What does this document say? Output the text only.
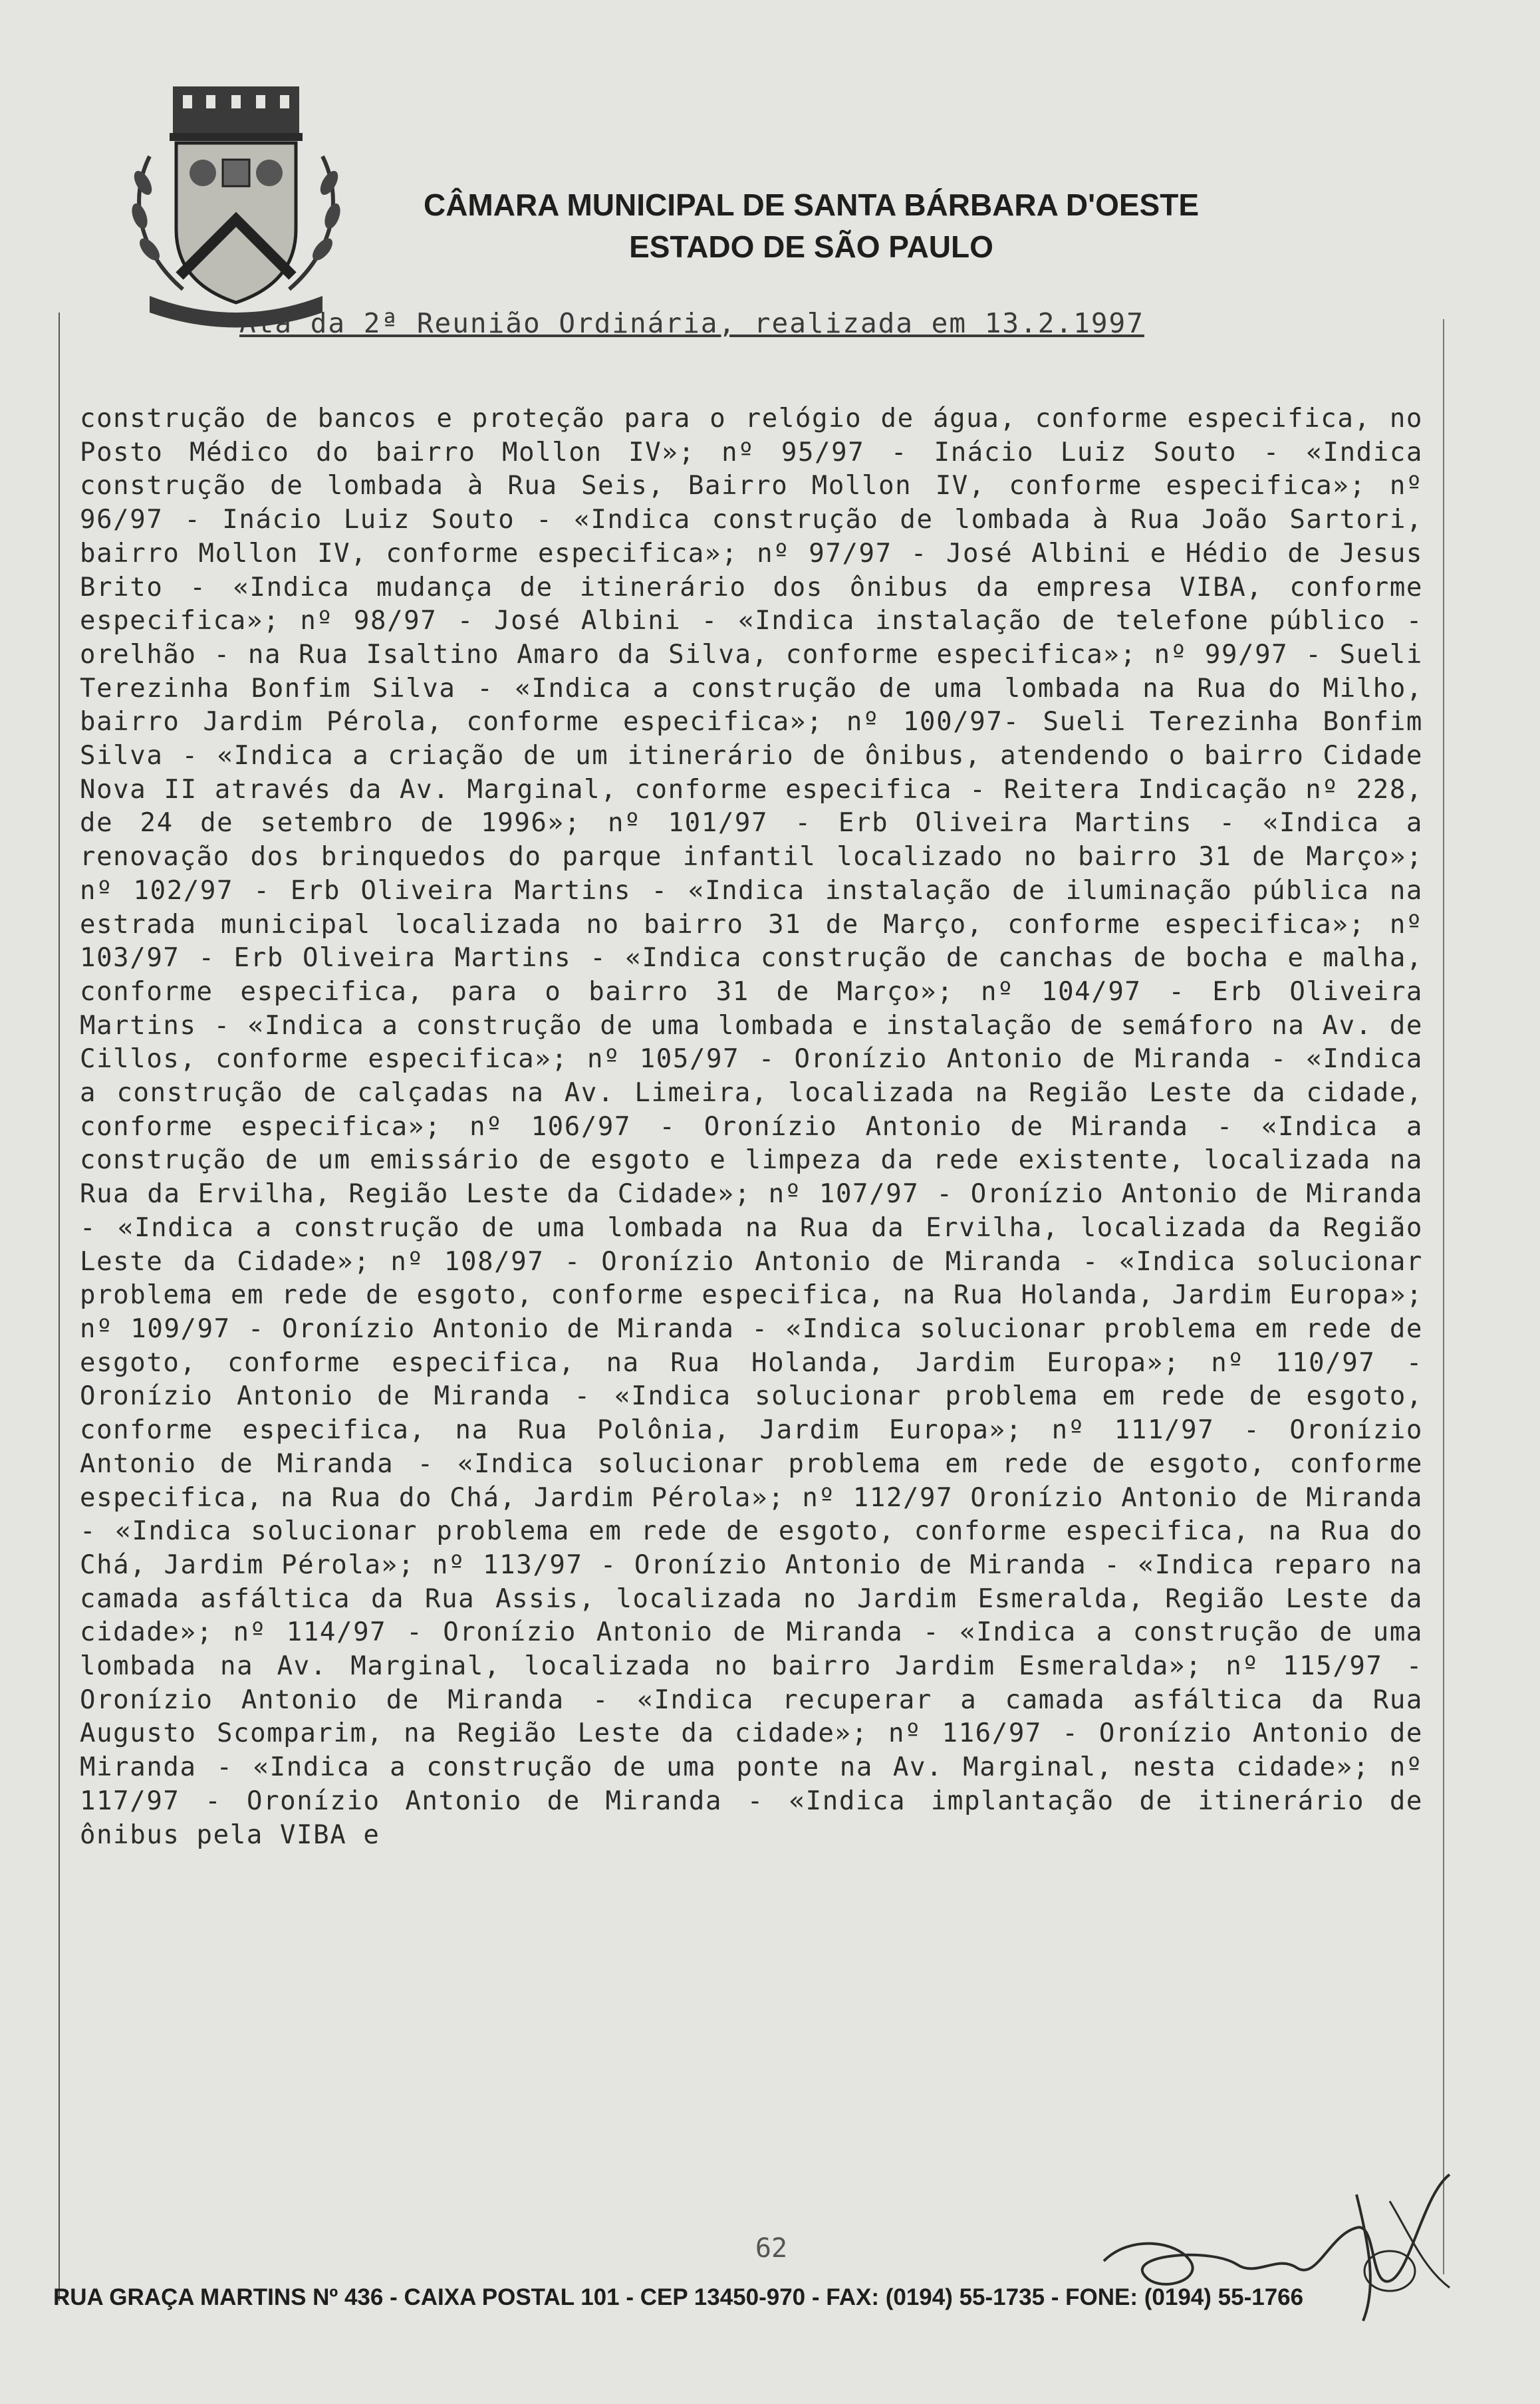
CÂMARA MUNICIPAL DE SANTA BÁRBARA D'OESTE
ESTADO DE SÃO PAULO
Ata da 2ª Reunião Ordinária, realizada em 13.2.1997

construção de bancos e proteção para o relógio de água, conforme especifica, no Posto Médico do bairro Mollon IV»; nº 95/97 - Inácio Luiz Souto - «Indica construção de lombada à Rua Seis, Bairro Mollon IV, conforme especifica»; nº 96/97 - Inácio Luiz Souto - «Indica construção de lombada à Rua João Sartori, bairro Mollon IV, conforme especifica»; nº 97/97 - José Albini e Hédio de Jesus Brito - «Indica mudança de itinerário dos ônibus da empresa VIBA, conforme especifica»; nº 98/97 - José Albini - «Indica instalação de telefone público - orelhão - na Rua Isaltino Amaro da Silva, conforme especifica»; nº 99/97 - Sueli Terezinha Bonfim Silva - «Indica a construção de uma lombada na Rua do Milho, bairro Jardim Pérola, conforme especifica»; nº 100/97- Sueli Terezinha Bonfim Silva - «Indica a criação de um itinerário de ônibus, atendendo o bairro Cidade Nova II através da Av. Marginal, conforme especifica - Reitera Indicação nº 228, de 24 de setembro de 1996»; nº 101/97 - Erb Oliveira Martins - «Indica a renovação dos brinquedos do parque infantil localizado no bairro 31 de Março»; nº 102/97 - Erb Oliveira Martins - «Indica instalação de iluminação pública na estrada municipal localizada no bairro 31 de Março, conforme especifica»; nº 103/97 - Erb Oliveira Martins - «Indica construção de canchas de bocha e malha, conforme especifica, para o bairro 31 de Março»; nº 104/97 - Erb Oliveira Martins - «Indica a construção de uma lombada e instalação de semáforo na Av. de Cillos, conforme especifica»; nº 105/97 - Oronízio Antonio de Miranda - «Indica a construção de calçadas na Av. Limeira, localizada na Região Leste da cidade, conforme especifica»; nº 106/97 - Oronízio Antonio de Miranda - «Indica a construção de um emissário de esgoto e limpeza da rede existente, localizada na Rua da Ervilha, Região Leste da Cidade»; nº 107/97 - Oronízio Antonio de Miranda - «Indica a construção de uma lombada na Rua da Ervilha, localizada da Região Leste da Cidade»; nº 108/97 - Oronízio Antonio de Miranda - «Indica solucionar problema em rede de esgoto, conforme especifica, na Rua Holanda, Jardim Europa»; nº 109/97 - Oronízio Antonio de Miranda - «Indica solucionar problema em rede de esgoto, conforme especifica, na Rua Holanda, Jardim Europa»; nº 110/97 - Oronízio Antonio de Miranda - «Indica solucionar problema em rede de esgoto, conforme especifica, na Rua Polônia, Jardim Europa»; nº 111/97 - Oronízio Antonio de Miranda - «Indica solucionar problema em rede de esgoto, conforme especifica, na Rua do Chá, Jardim Pérola»; nº 112/97 Oronízio Antonio de Miranda - «Indica solucionar problema em rede de esgoto, conforme especifica, na Rua do Chá, Jardim Pérola»; nº 113/97 - Oronízio Antonio de Miranda - «Indica reparo na camada asfáltica da Rua Assis, localizada no Jardim Esmeralda, Região Leste da cidade»; nº 114/97 - Oronízio Antonio de Miranda - «Indica a construção de uma lombada na Av. Marginal, localizada no bairro Jardim Esmeralda»; nº 115/97 - Oronízio Antonio de Miranda - «Indica recuperar a camada asfáltica da Rua Augusto Scomparim, na Região Leste da cidade»; nº 116/97 - Oronízio Antonio de Miranda - «Indica a construção de uma ponte na Av. Marginal, nesta cidade»; nº 117/97 - Oronízio Antonio de Miranda - «Indica implantação de itinerário de ônibus pela VIBA e

62
RUA GRAÇA MARTINS Nº 436 - CAIXA POSTAL 101 - CEP 13450-970 - FAX: (0194) 55-1735 - FONE: (0194) 55-1766
